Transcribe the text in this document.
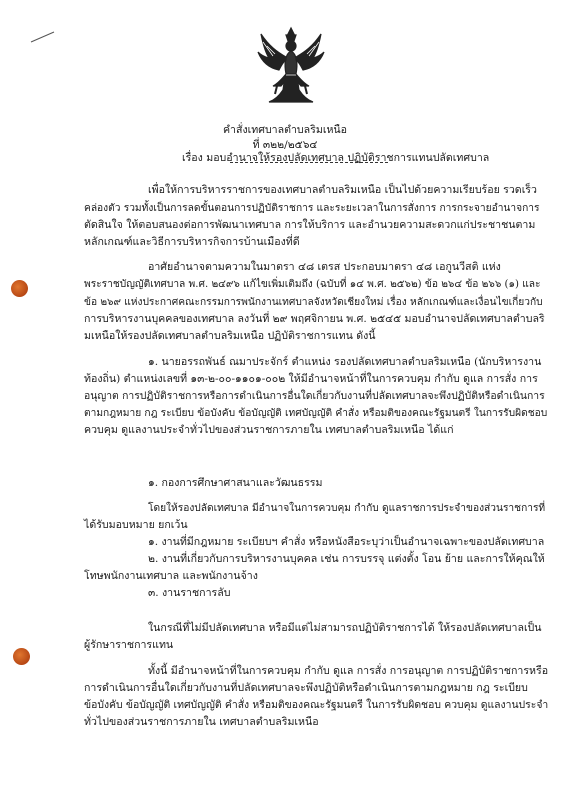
คำสั่งเทศบาลตำบลริมเหนือ
ที่ ๓๒๒/๒๕๖๔
เรื่อง มอบอำนาจให้รองปลัดเทศบาล ปฏิบัติราชการแทนปลัดเทศบาล
เพื่อให้การบริหารราชการของเทศบาลตำบลริมเหนือ เป็นไปด้วยความเรียบร้อย รวดเร็ว
คล่องตัว รวมทั้งเป็นการลดขั้นตอนการปฏิบัติราชการ และระยะเวลาในการสั่งการ การกระจายอำนาจการ
ตัดสินใจ ให้ตอบสนองต่อการพัฒนาเทศบาล การให้บริการ และอำนวยความสะดวกแก่ประชาชนตาม
หลักเกณฑ์และวิธีการบริหารกิจการบ้านเมืองที่ดี
อาศัยอำนาจตามความในมาตรา ๔๘ เตรส ประกอบมาตรา ๔๘ เอกูนวีสติ แห่ง
พระราชบัญญัติเทศบาล พ.ศ. ๒๔๙๖ แก้ไขเพิ่มเติมถึง (ฉบับที่ ๑๔ พ.ศ. ๒๕๖๒) ข้อ ๒๖๔ ข้อ ๒๖๖ (๑) และ
ข้อ ๒๖๙ แห่งประกาศคณะกรรมการพนักงานเทศบาลจังหวัดเชียงใหม่ เรื่อง หลักเกณฑ์และเงื่อนไขเกี่ยวกับ
การบริหารงานบุคคลของเทศบาล ลงวันที่ ๒๙ พฤศจิกายน พ.ศ. ๒๕๔๕ มอบอำนาจปลัดเทศบาลตำบลริ
มเหนือให้รองปลัดเทศบาลตำบลริมเหนือ ปฏิบัติราชการแทน ดังนี้
๑. นายอรรถพันธ์ ณมาประจักร์ ตำแหน่ง รองปลัดเทศบาลตำบลริมเหนือ (นักบริหารงาน
ท้องถิ่น) ตำแหน่งเลขที่ ๑๓-๒-๐๐-๑๑๐๑-๐๐๒ ให้มีอำนาจหน้าที่ในการควบคุม กำกับ ดูแล การสั่ง การ
อนุญาต การปฏิบัติราชการหรือการดำเนินการอื่นใดเกี่ยวกับงานที่ปลัดเทศบาลจะพึงปฏิบัติหรือดำเนินการ
ตามกฎหมาย กฎ ระเบียบ ข้อบังคับ ข้อบัญญัติ เทศบัญญัติ คำสั่ง หรือมติของคณะรัฐมนตรี ในการรับผิดชอบ
ควบคุม ดูแลงานประจำทั่วไปของส่วนราชการภายใน เทศบาลตำบลริมเหนือ ได้แก่
๑. กองการศึกษาศาสนาและวัฒนธรรม
โดยให้รองปลัดเทศบาล มีอำนาจในการควบคุม กำกับ ดูแลราชการประจำของส่วนราชการที่
ได้รับมอบหมาย ยกเว้น
๑. งานที่มีกฎหมาย ระเบียบฯ คำสั่ง หรือหนังสือระบุว่าเป็นอำนาจเฉพาะของปลัดเทศบาล
๒. งานที่เกี่ยวกับการบริหารงานบุคคล เช่น การบรรจุ แต่งตั้ง โอน ย้าย และการให้คุณให้
โทษพนักงานเทศบาล และพนักงานจ้าง
๓. งานราชการลับ
ในกรณีที่ไม่มีปลัดเทศบาล หรือมีแต่ไม่สามารถปฏิบัติราชการได้ ให้รองปลัดเทศบาลเป็น
ผู้รักษาราชการแทน
ทั้งนี้ มีอำนาจหน้าที่ในการควบคุม กำกับ ดูแล การสั่ง การอนุญาต การปฏิบัติราชการหรือ
การดำเนินการอื่นใดเกี่ยวกับงานที่ปลัดเทศบาลจะพึงปฏิบัติหรือดำเนินการตามกฎหมาย กฎ ระเบียบ
ข้อบังคับ ข้อบัญญัติ เทศบัญญัติ คำสั่ง หรือมติของคณะรัฐมนตรี ในการรับผิดชอบ ควบคุม ดูแลงานประจำ
ทั่วไปของส่วนราชการภายใน เทศบาลตำบลริมเหนือ
